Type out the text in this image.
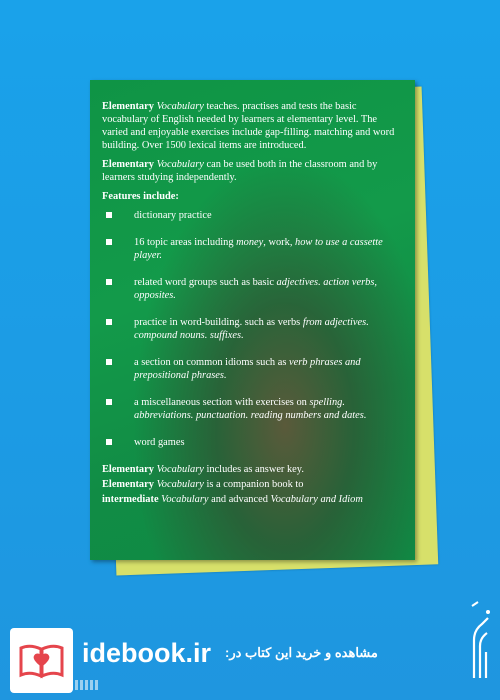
Elementary Vocabulary teaches. practises and tests the basic vocabulary of English needed by learners at elementary level. The varied and enjoyable exercises include gap-filling. matching and word building. Over 1500 lexical items are introduced.

Elementary Vocabulary can be used both in the classroom and by learners studying independently.

Features include:

dictionary practice
16 topic areas including money, work, how to use a cassette player.
related word groups such as basic adjectives. action verbs, opposites.
practice in word-building. such as verbs from adjectives. compound nouns. suffixes.
a section on common idioms such as verb phrases and prepositional phrases.
a miscellaneous section with exercises on spelling. abbreviations. punctuation. reading numbers and dates.
word games

Elementary Vocabulary includes as answer key.

Elementary Vocabulary is a companion book to

intermediate Vocabulary and advanced Vocabulary and Idiom

idebook.ir مشاهده و خرید این کتاب در:
